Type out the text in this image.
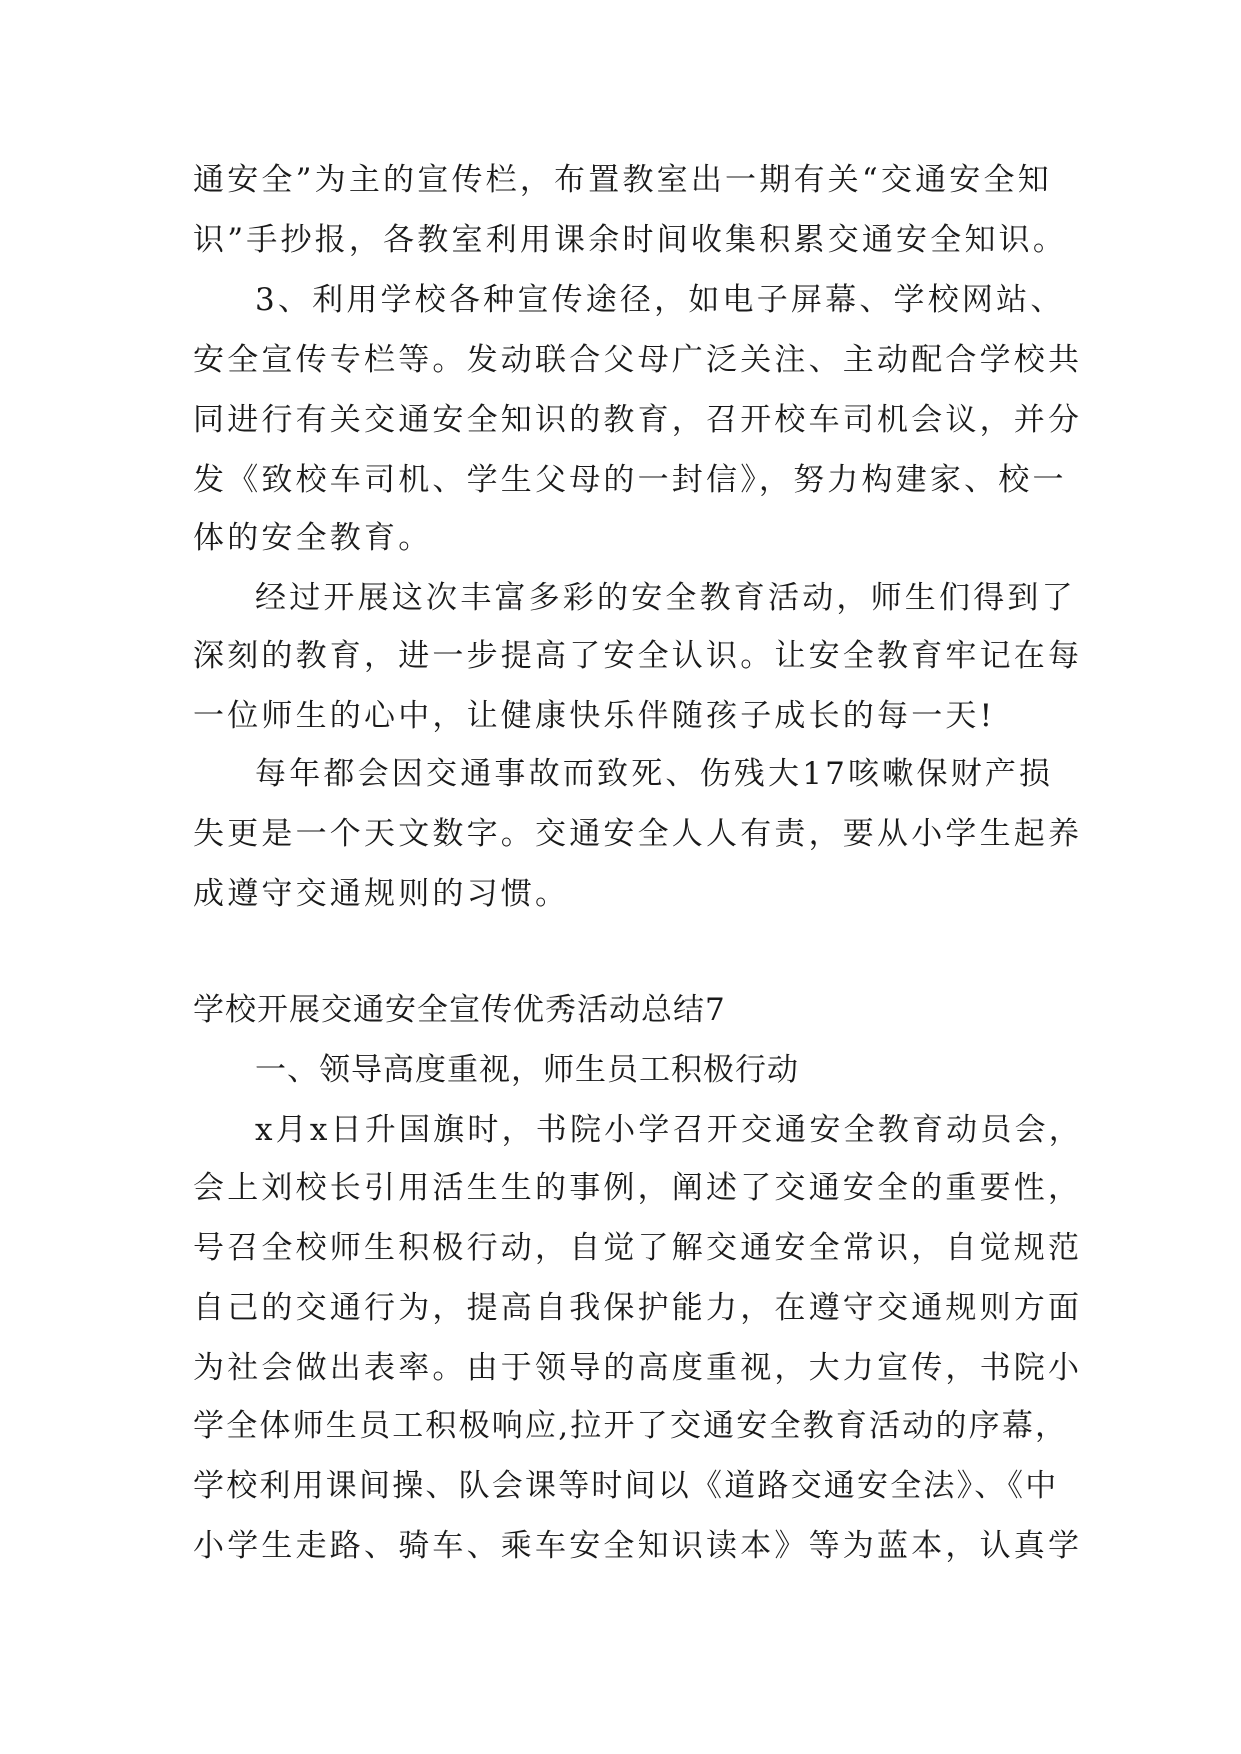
通安全”为主的宣传栏，布置教室出一期有关“交通安全知
识”手抄报，各教室利用课余时间收集积累交通安全知识。
3、利用学校各种宣传途径，如电子屏幕、学校网站、
安全宣传专栏等。发动联合父母广泛关注、主动配合学校共
同进行有关交通安全知识的教育，召开校车司机会议，并分
发《致校车司机、学生父母的一封信》，努力构建家、校一
体的安全教育。
经过开展这次丰富多彩的安全教育活动，师生们得到了
深刻的教育，进一步提高了安全认识。让安全教育牢记在每
一位师生的心中，让健康快乐伴随孩子成长的每一天!
每年都会因交通事故而致死、伤残大17咳嗽保财产损
失更是一个天文数字。交通安全人人有责，要从小学生起养
成遵守交通规则的习惯。
学校开展交通安全宣传优秀活动总结7
一、领导高度重视，师生员工积极行动
x月x日升国旗时，书院小学召开交通安全教育动员会，
会上刘校长引用活生生的事例，阐述了交通安全的重要性，
号召全校师生积极行动，自觉了解交通安全常识，自觉规范
自己的交通行为，提高自我保护能力，在遵守交通规则方面
为社会做出表率。由于领导的高度重视，大力宣传，书院小
学全体师生员工积极响应,拉开了交通安全教育活动的序幕，
学校利用课间操、队会课等时间以《道路交通安全法》、《中
小学生走路、骑车、乘车安全知识读本》等为蓝本，认真学
